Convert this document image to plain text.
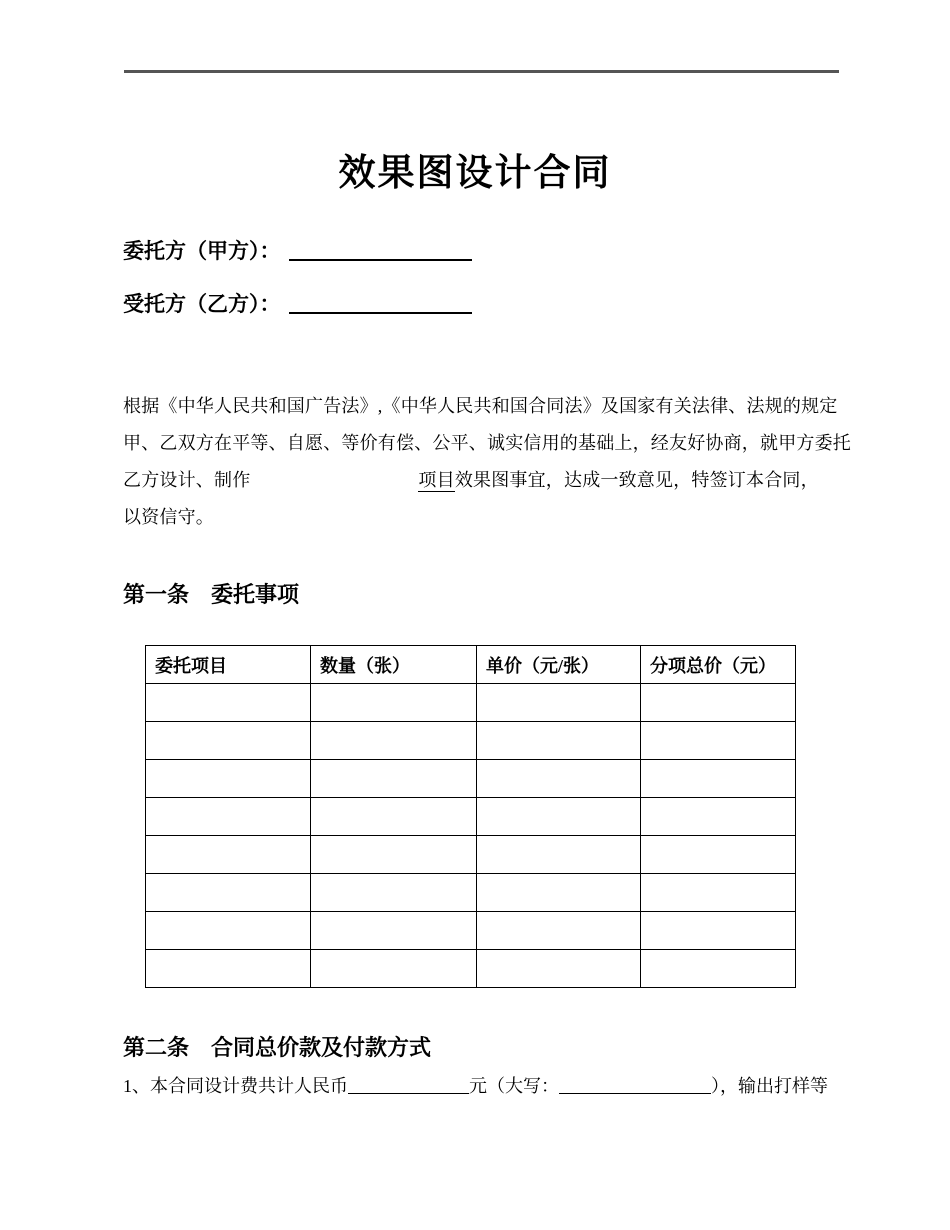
效果图设计合同
委托方（甲方）：
受托方（乙方）：
根据《中华人民共和国广告法》,《中华人民共和国合同法》及国家有关法律、法规的规定
甲、乙双方在平等、自愿、等价有偿、公平、诚实信用的基础上，经友好协商，就甲方委托
乙方设计、制作	项目效果图事宜，达成一致意见，特签订本合同，
以资信守。
第一条 委托事项
委托项目	数量（张）	单价（元/张）	分项总价（元）

第二条 合同总价款及付款方式
1、本合同设计费共计人民币	元（大写：	），输出打样等
